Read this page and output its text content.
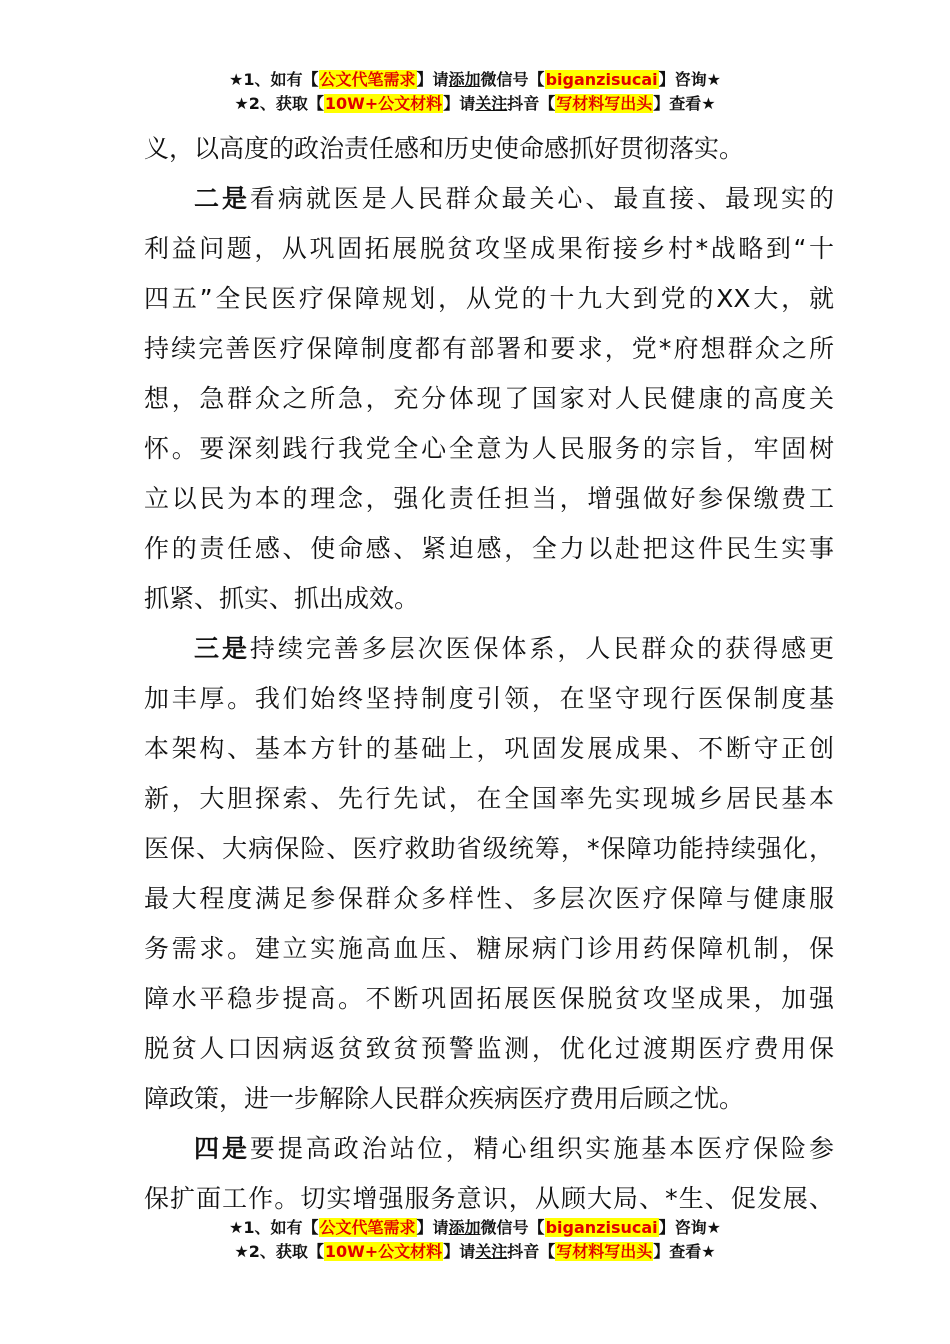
★1、如有【公文代笔需求】请添加微信号【biganzisucai】咨询★
★2、获取【10W+公文材料】请关注抖音【写材料写出头】查看★
义，以高度的政治责任感和历史使命感抓好贯彻落实。
二是看病就医是人民群众最关心、最直接、最现实的
利益问题，从巩固拓展脱贫攻坚成果衔接乡村*战略到“十
四五”全民医疗保障规划，从党的十九大到党的XX大，就
持续完善医疗保障制度都有部署和要求，党*府想群众之所
想，急群众之所急，充分体现了国家对人民健康的高度关
怀。要深刻践行我党全心全意为人民服务的宗旨，牢固树
立以民为本的理念，强化责任担当，增强做好参保缴费工
作的责任感、使命感、紧迫感，全力以赴把这件民生实事
抓紧、抓实、抓出成效。
三是持续完善多层次医保体系，人民群众的获得感更
加丰厚。我们始终坚持制度引领，在坚守现行医保制度基
本架构、基本方针的基础上，巩固发展成果、不断守正创
新，大胆探索、先行先试，在全国率先实现城乡居民基本
医保、大病保险、医疗救助省级统筹，*保障功能持续强化，
最大程度满足参保群众多样性、多层次医疗保障与健康服
务需求。建立实施高血压、糖尿病门诊用药保障机制，保
障水平稳步提高。不断巩固拓展医保脱贫攻坚成果，加强
脱贫人口因病返贫致贫预警监测，优化过渡期医疗费用保
障政策，进一步解除人民群众疾病医疗费用后顾之忧。
四是要提高政治站位，精心组织实施基本医疗保险参
保扩面工作。切实增强服务意识，从顾大局、*生、促发展、
★1、如有【公文代笔需求】请添加微信号【biganzisucai】咨询★
★2、获取【10W+公文材料】请关注抖音【写材料写出头】查看★
